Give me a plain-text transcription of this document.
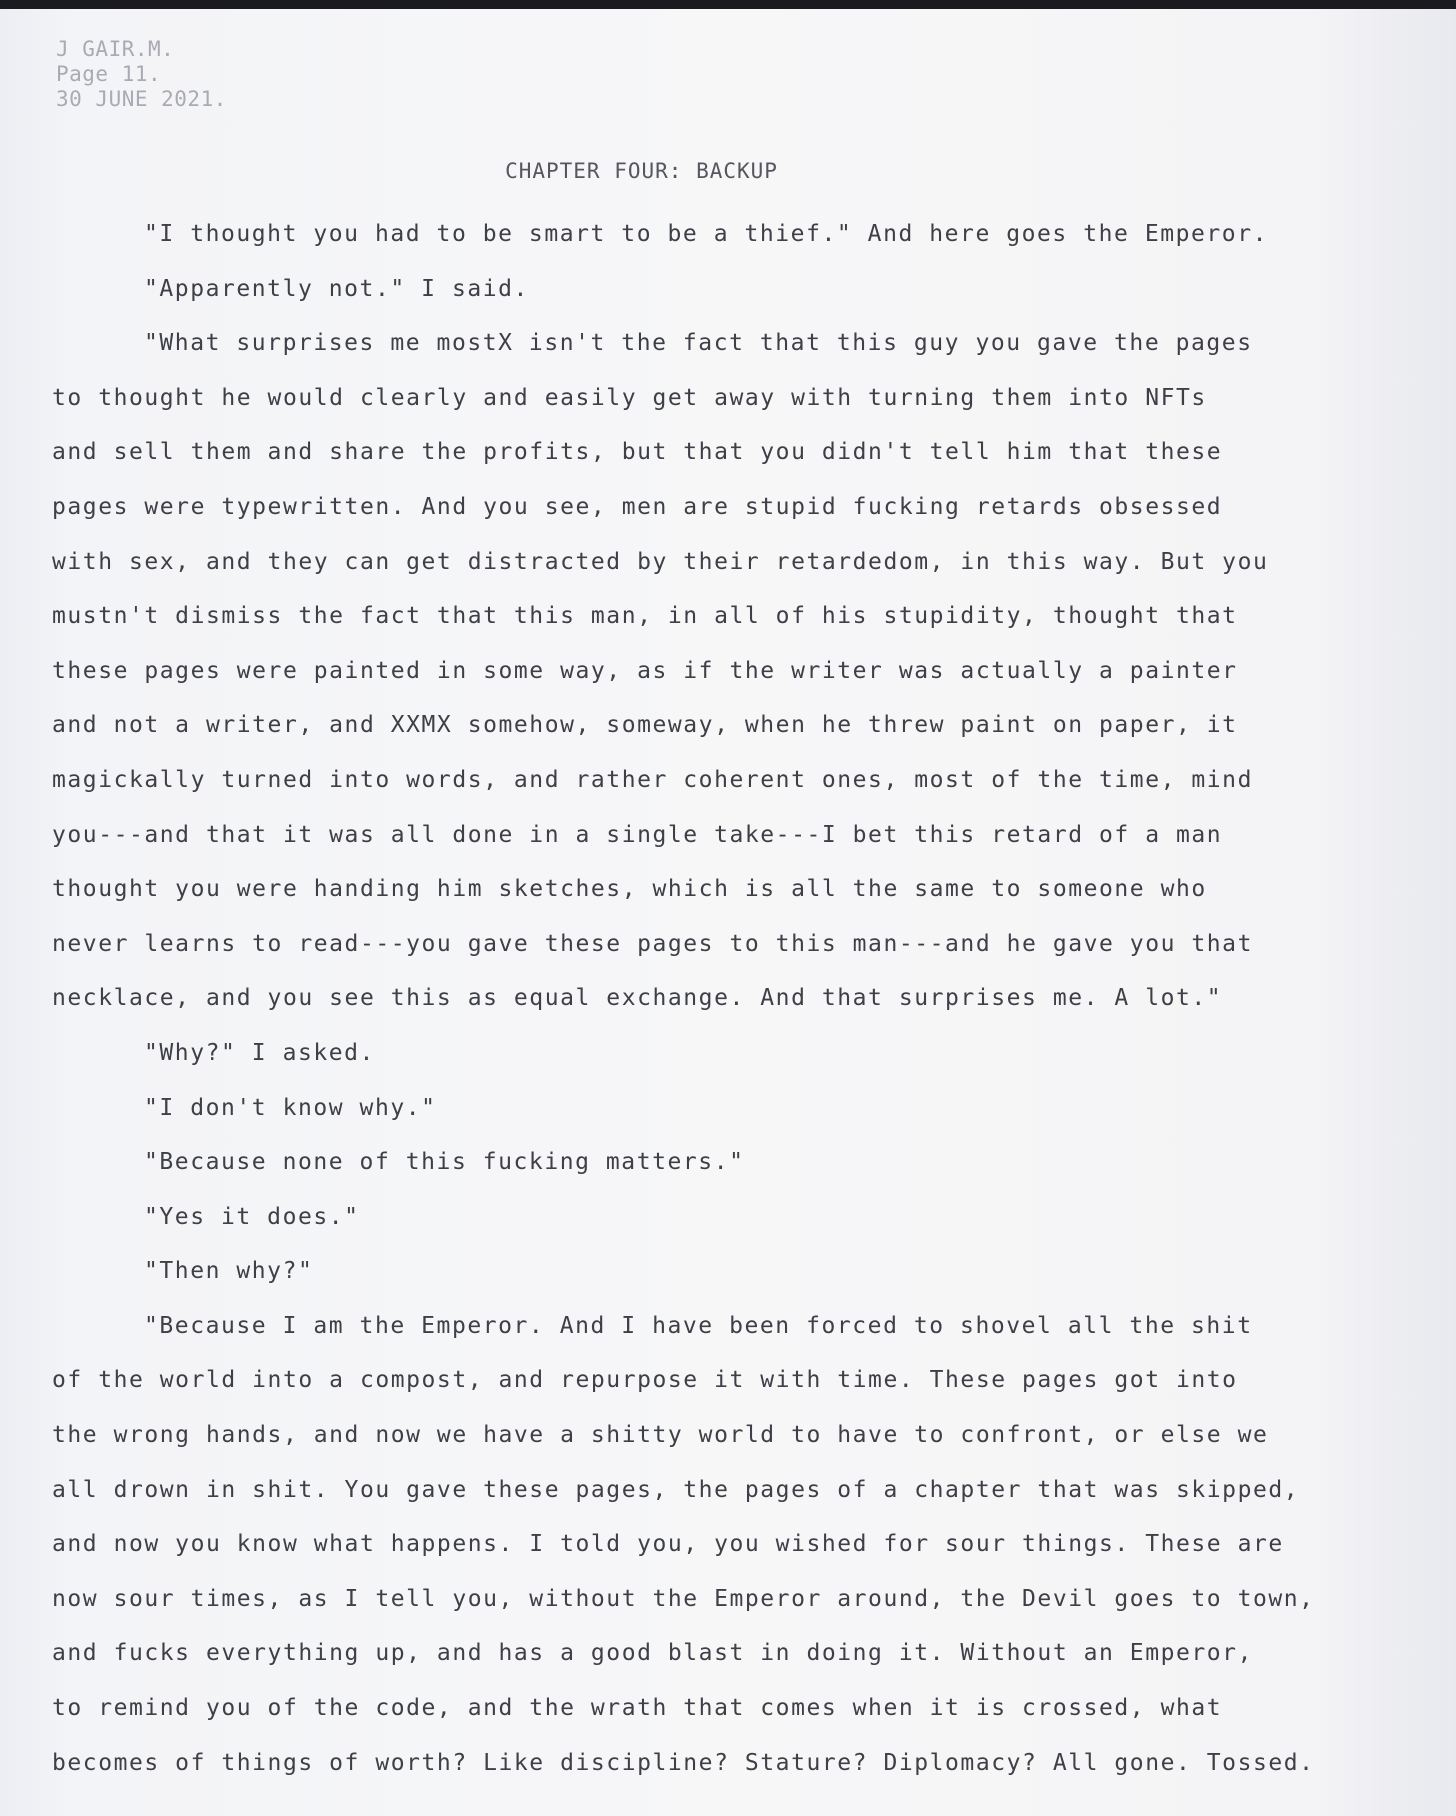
J GAIR.M.
Page 11.
30 JUNE 2021.
CHAPTER FOUR: BACKUP
"I thought you had to be smart to be a thief." And here goes the Emperor.
"Apparently not." I said.
"What surprises me mostX isn't the fact that this guy you gave the pages
to thought he would clearly and easily get away with turning them into NFTs
and sell them and share the profits, but that you didn't tell him that these
pages were typewritten. And you see, men are stupid fucking retards obsessed
with sex, and they can get distracted by their retardedom, in this way. But you
mustn't dismiss the fact that this man, in all of his stupidity, thought that
these pages were painted in some way, as if the writer was actually a painter
and not a writer, and XXMX somehow, someway, when he threw paint on paper, it
magickally turned into words, and rather coherent ones, most of the time, mind
you---and that it was all done in a single take---I bet this retard of a man
thought you were handing him sketches, which is all the same to someone who
never learns to read---you gave these pages to this man---and he gave you that
necklace, and you see this as equal exchange. And that surprises me. A lot."
"Why?" I asked.
"I don't know why."
"Because none of this fucking matters."
"Yes it does."
"Then why?"
"Because I am the Emperor. And I have been forced to shovel all the shit
of the world into a compost, and repurpose it with time. These pages got into
the wrong hands, and now we have a shitty world to have to confront, or else we
all drown in shit. You gave these pages, the pages of a chapter that was skipped,
and now you know what happens. I told you, you wished for sour things. These are
now sour times, as I tell you, without the Emperor around, the Devil goes to town,
and fucks everything up, and has a good blast in doing it. Without an Emperor,
to remind you of the code, and the wrath that comes when it is crossed, what
becomes of things of worth? Like discipline? Stature? Diplomacy? All gone. Tossed.
